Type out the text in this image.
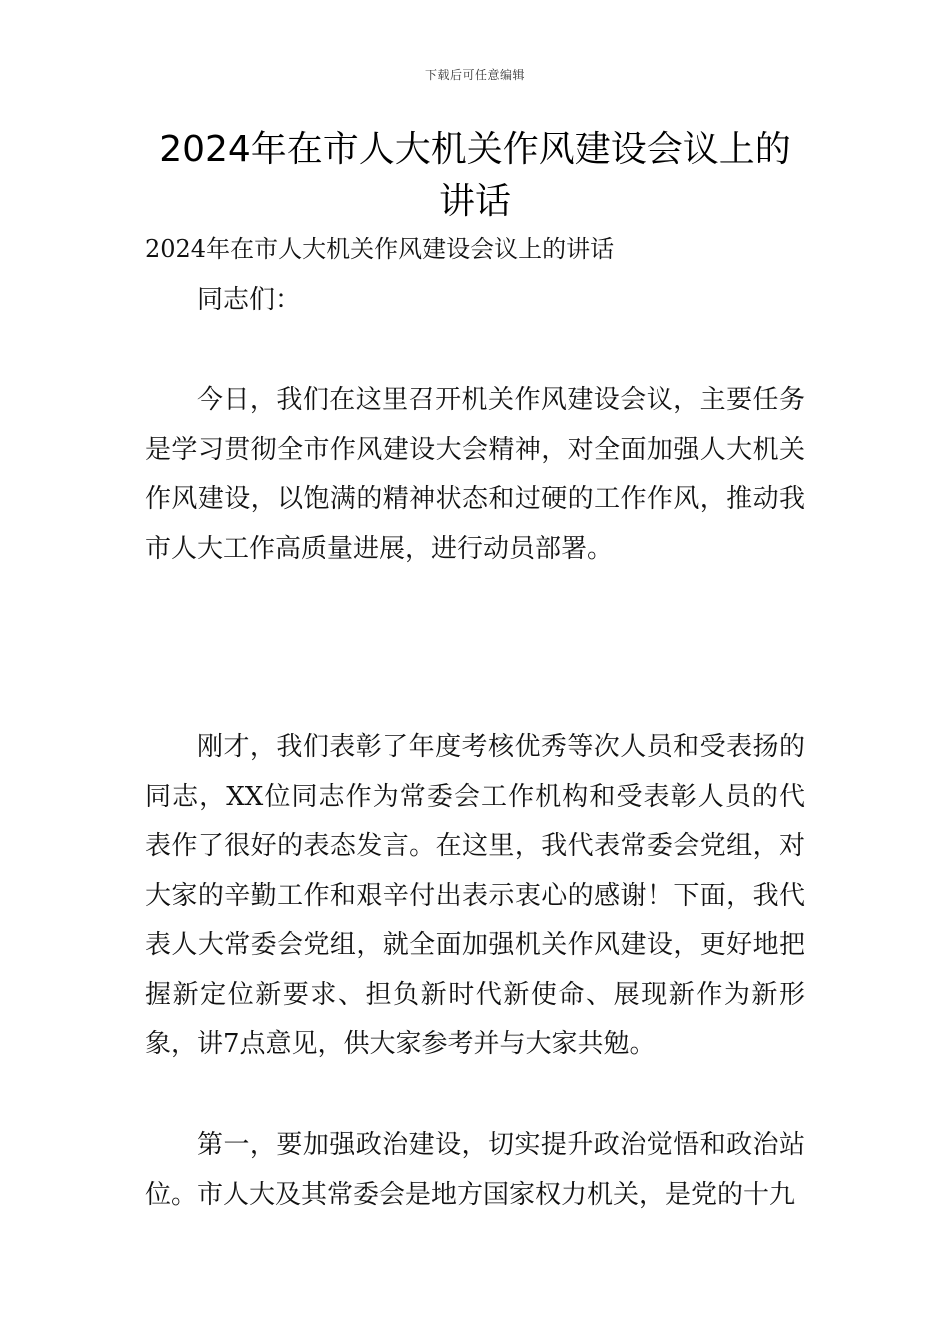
下载后可任意编辑
2024年在市人大机关作风建设会议上的讲话

2024年在市人大机关作风建设会议上的讲话

同志们：

今日，我们在这里召开机关作风建设会议，主要任务是学习贯彻全市作风建设大会精神，对全面加强人大机关作风建设，以饱满的精神状态和过硬的工作作风，推动我市人大工作高质量进展，进行动员部署。

刚才，我们表彰了年度考核优秀等次人员和受表扬的同志，XX位同志作为常委会工作机构和受表彰人员的代表作了很好的表态发言。在这里，我代表常委会党组，对大家的辛勤工作和艰辛付出表示衷心的感谢！下面，我代表人大常委会党组，就全面加强机关作风建设，更好地把握新定位新要求、担负新时代新使命、展现新作为新形象，讲7点意见，供大家参考并与大家共勉。

第一，要加强政治建设，切实提升政治觉悟和政治站位。市人大及其常委会是地方国家权力机关，是党的十九
